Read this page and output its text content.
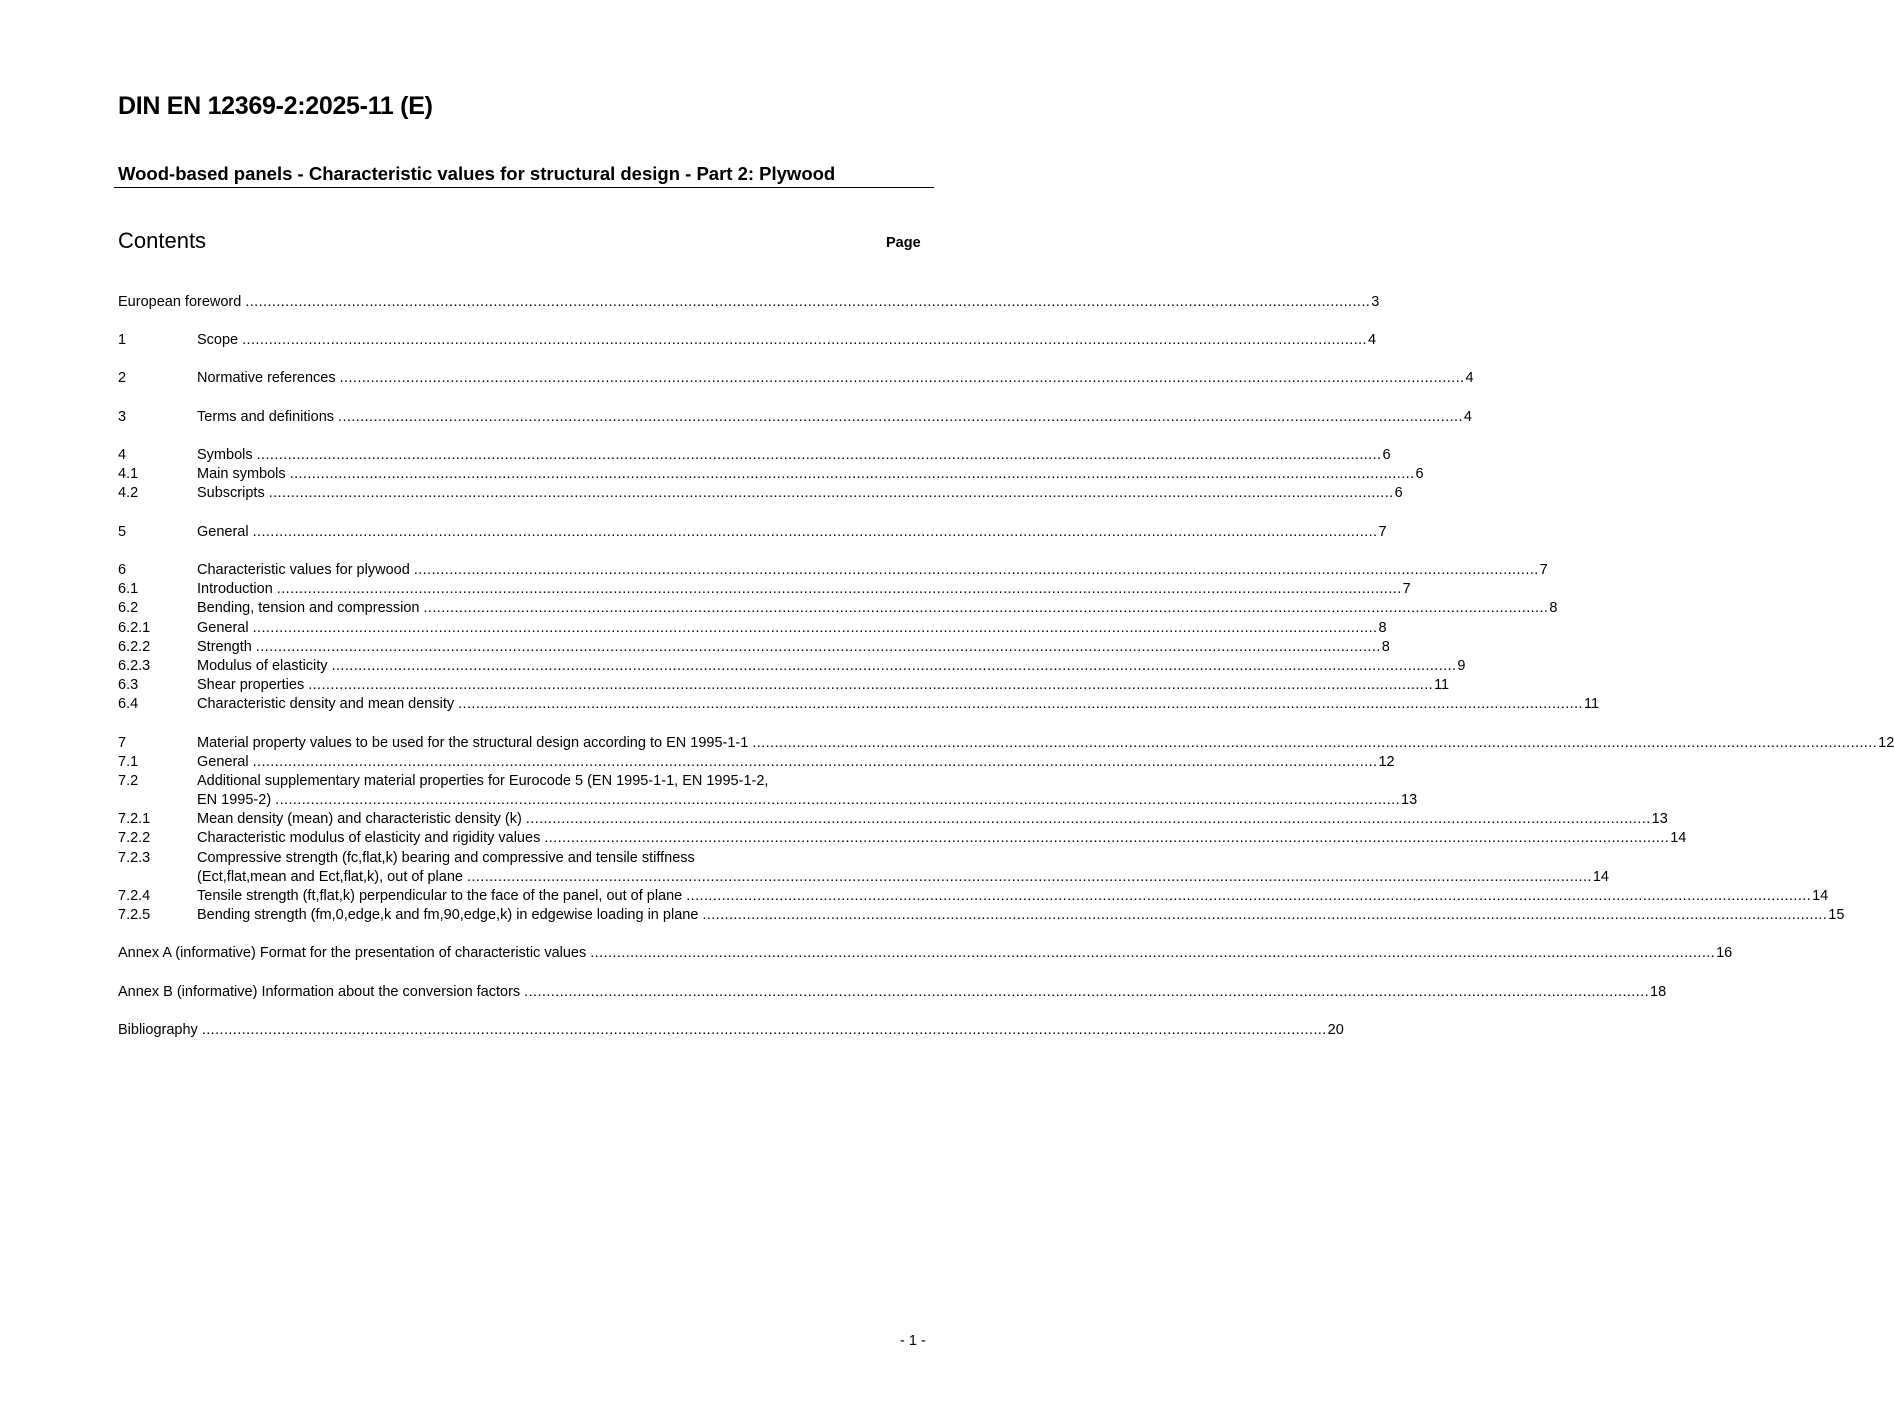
DIN EN 12369-2:2025-11 (E)
Wood-based panels - Characteristic values for structural design - Part 2: Plywood
Contents	Page
European foreword .............................................................................................................................................................................................................................................................. 3
1	Scope .............................................................................................................................................................................................................................................................. 4
2	Normative references .............................................................................................................................................................................................................................................................. 4
3	Terms and definitions .............................................................................................................................................................................................................................................................. 4
4	Symbols .............................................................................................................................................................................................................................................................. 6
4.1	Main symbols .............................................................................................................................................................................................................................................................. 6
4.2	Subscripts .............................................................................................................................................................................................................................................................. 6
5	General .............................................................................................................................................................................................................................................................. 7
6	Characteristic values for plywood .............................................................................................................................................................................................................................................................. 7
6.1	Introduction .............................................................................................................................................................................................................................................................. 7
6.2	Bending, tension and compression .............................................................................................................................................................................................................................................................. 8
6.2.1	General .............................................................................................................................................................................................................................................................. 8
6.2.2	Strength .............................................................................................................................................................................................................................................................. 8
6.2.3	Modulus of elasticity .............................................................................................................................................................................................................................................................. 9
6.3	Shear properties .............................................................................................................................................................................................................................................................. 11
6.4	Characteristic density and mean density .............................................................................................................................................................................................................................................................. 11
7	Material property values to be used for the structural design according to EN 1995-1-1 .............................................................................................................................................................................................................................................................. 12
7.1	General .............................................................................................................................................................................................................................................................. 12
7.2	Additional supplementary material properties for Eurocode 5 (EN 1995-1-1, EN 1995-1-2,
EN 1995-2) .............................................................................................................................................................................................................................................................. 13
7.2.1	Mean density (mean) and characteristic density (k) .............................................................................................................................................................................................................................................................. 13
7.2.2	Characteristic modulus of elasticity and rigidity values .............................................................................................................................................................................................................................................................. 14
7.2.3	Compressive strength (fc,flat,k) bearing and compressive and tensile stiffness
(Ect,flat,mean and Ect,flat,k), out of plane .............................................................................................................................................................................................................................................................. 14
7.2.4	Tensile strength (ft,flat,k) perpendicular to the face of the panel, out of plane .............................................................................................................................................................................................................................................................. 14
7.2.5	Bending strength (fm,0,edge,k and fm,90,edge,k) in edgewise loading in plane .............................................................................................................................................................................................................................................................. 15
Annex A (informative) Format for the presentation of characteristic values .............................................................................................................................................................................................................................................................. 16
Annex B (informative) Information about the conversion factors .............................................................................................................................................................................................................................................................. 18
Bibliography .............................................................................................................................................................................................................................................................. 20
- 1 -
